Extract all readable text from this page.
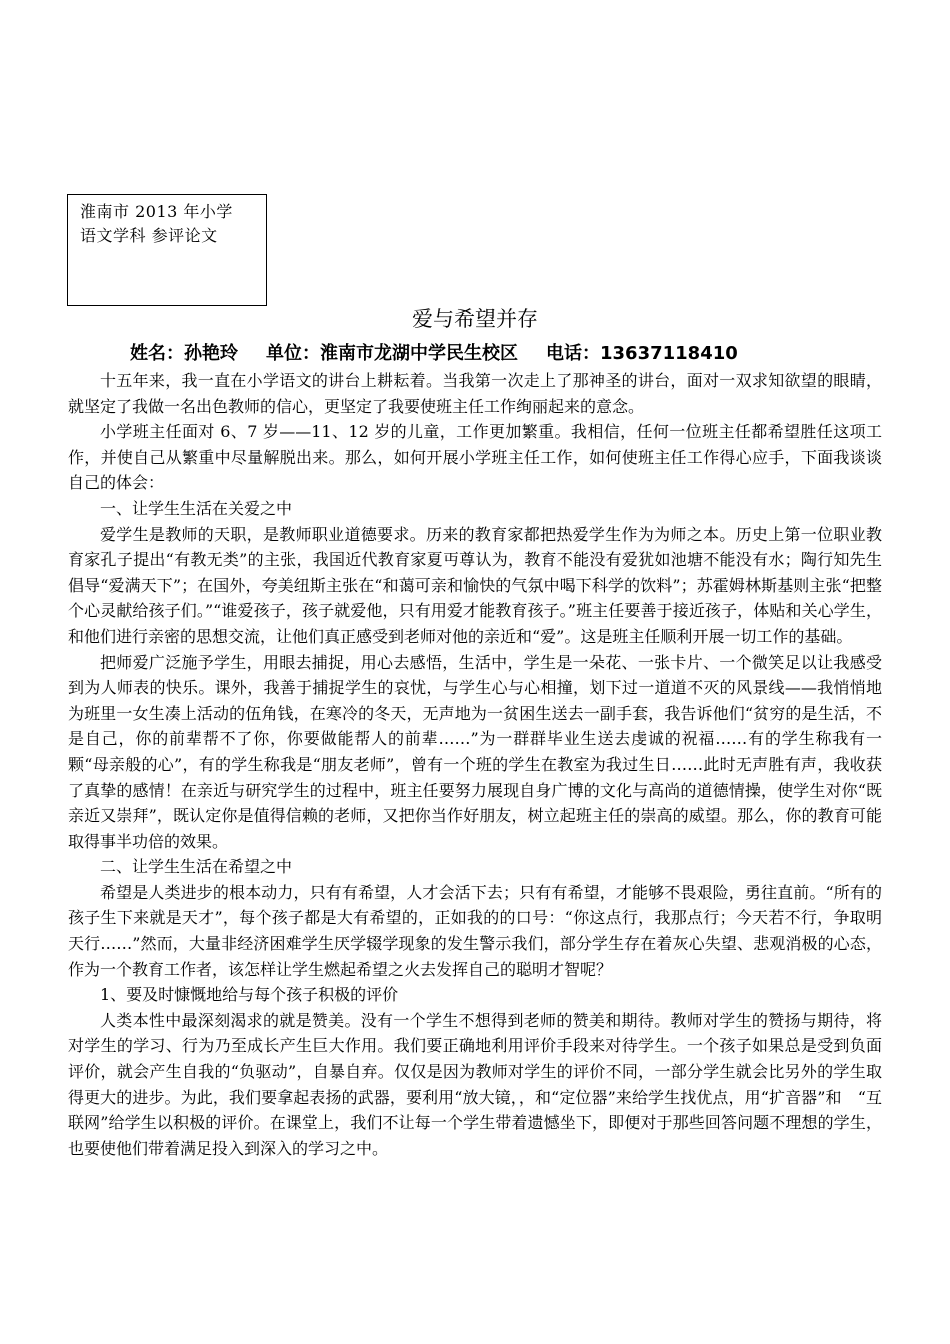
淮南市 2013 年小学
语文学科 参评论文
爱与希望并存
姓名：孙艳玲 单位：淮南市龙湖中学民生校区 电话：13637118410

十五年来，我一直在小学语文的讲台上耕耘着。当我第一次走上了那神圣的讲台，面对一双求知欲望的眼睛，就坚定了我做一名出色教师的信心，更坚定了我要使班主任工作绚丽起来的意念。

小学班主任面对 6、7 岁——11、12 岁的儿童，工作更加繁重。我相信，任何一位班主任都希望胜任这项工作，并使自己从繁重中尽量解脱出来。那么，如何开展小学班主任工作，如何使班主任工作得心应手，下面我谈谈自己的体会：

一、让学生生活在关爱之中

爱学生是教师的天职，是教师职业道德要求。历来的教育家都把热爱学生作为为师之本。历史上第一位职业教育家孔子提出“有教无类”的主张，我国近代教育家夏丏尊认为，教育不能没有爱犹如池塘不能没有水；陶行知先生倡导“爱满天下”；在国外，夸美纽斯主张在“和蔼可亲和愉快的气氛中喝下科学的饮料”；苏霍姆林斯基则主张“把整个心灵献给孩子们。”“谁爱孩子，孩子就爱他，只有用爱才能教育孩子。”班主任要善于接近孩子，体贴和关心学生，和他们进行亲密的思想交流，让他们真正感受到老师对他的亲近和“爱”。这是班主任顺利开展一切工作的基础。

把师爱广泛施予学生，用眼去捕捉，用心去感悟，生活中，学生是一朵花、一张卡片、一个微笑足以让我感受到为人师表的快乐。课外，我善于捕捉学生的哀忧，与学生心与心相撞，划下过一道道不灭的风景线——我悄悄地为班里一女生凑上活动的伍角钱，在寒冷的冬天，无声地为一贫困生送去一副手套，我告诉他们“贫穷的是生活，不是自己，你的前辈帮不了你，你要做能帮人的前辈……”为一群群毕业生送去虔诚的祝福……有的学生称我有一颗“母亲般的心”，有的学生称我是“朋友老师”，曾有一个班的学生在教室为我过生日……此时无声胜有声，我收获了真挚的感情！在亲近与研究学生的过程中，班主任要努力展现自身广博的文化与高尚的道德情操，使学生对你“既亲近又崇拜”，既认定你是值得信赖的老师，又把你当作好朋友，树立起班主任的崇高的威望。那么，你的教育可能取得事半功倍的效果。

二、让学生生活在希望之中

希望是人类进步的根本动力，只有有希望，人才会活下去；只有有希望，才能够不畏艰险，勇往直前。“所有的孩子生下来就是天才”，每个孩子都是大有希望的，正如我的的口号：“你这点行，我那点行；今天若不行，争取明天行……”然而，大量非经济困难学生厌学辍学现象的发生警示我们，部分学生存在着灰心失望、悲观消极的心态，作为一个教育工作者，该怎样让学生燃起希望之火去发挥自己的聪明才智呢？

1、要及时慷慨地给与每个孩子积极的评价

人类本性中最深刻渴求的就是赞美。没有一个学生不想得到老师的赞美和期待。教师对学生的赞扬与期待，将对学生的学习、行为乃至成长产生巨大作用。我们要正确地利用评价手段来对待学生。一个孩子如果总是受到负面评价，就会产生自我的“负驱动”，自暴自弃。仅仅是因为教师对学生的评价不同，一部分学生就会比另外的学生取得更大的进步。为此，我们要拿起表扬的武器，要利用“放大镜，，和“定位器”来给学生找优点，用“扩音器”和　“互联网”给学生以积极的评价。在课堂上，我们不让每一个学生带着遗憾坐下，即便对于那些回答问题不理想的学生，也要使他们带着满足投入到深入的学习之中。
